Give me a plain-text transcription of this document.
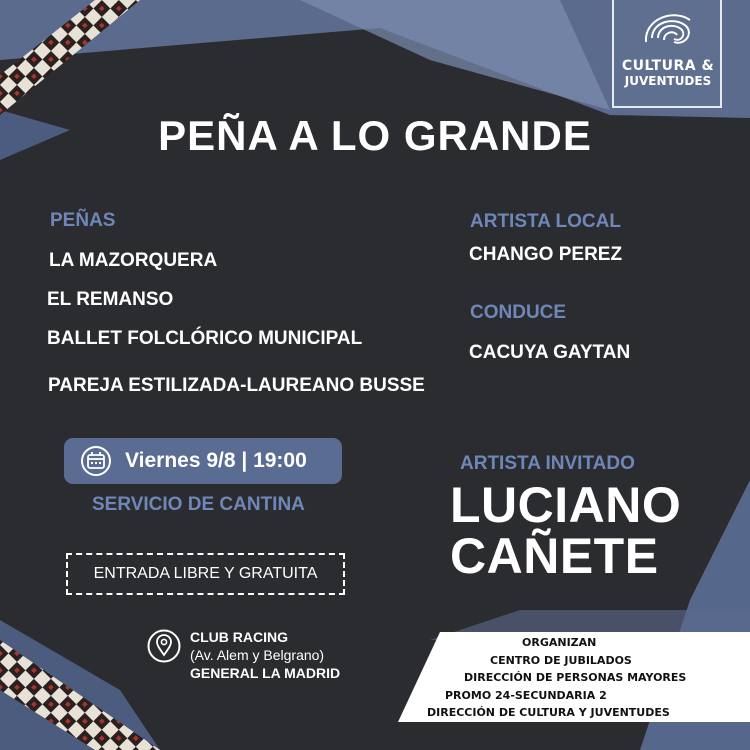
CULTURA &
JUVENTUDES
PEÑA A LO GRANDE
PEÑAS
LA MAZORQUERA
EL REMANSO
BALLET FOLCLÓRICO MUNICIPAL
PAREJA ESTILIZADA-LAUREANO BUSSE
ARTISTA LOCAL
CHANGO PEREZ
CONDUCE
CACUYA GAYTAN
Viernes 9/8 | 19:00
SERVICIO DE CANTINA
ENTRADA LIBRE Y GRATUITA
ARTISTA INVITADO
LUCIANO
CAÑETE
CLUB RACING
(Av. Alem y Belgrano)
GENERAL LA MADRID
ORGANIZAN
CENTRO DE JUBILADOS
DIRECCIÓN DE PERSONAS MAYORES
PROMO 24-SECUNDARIA 2
DIRECCIÓN DE CULTURA Y JUVENTUDES
